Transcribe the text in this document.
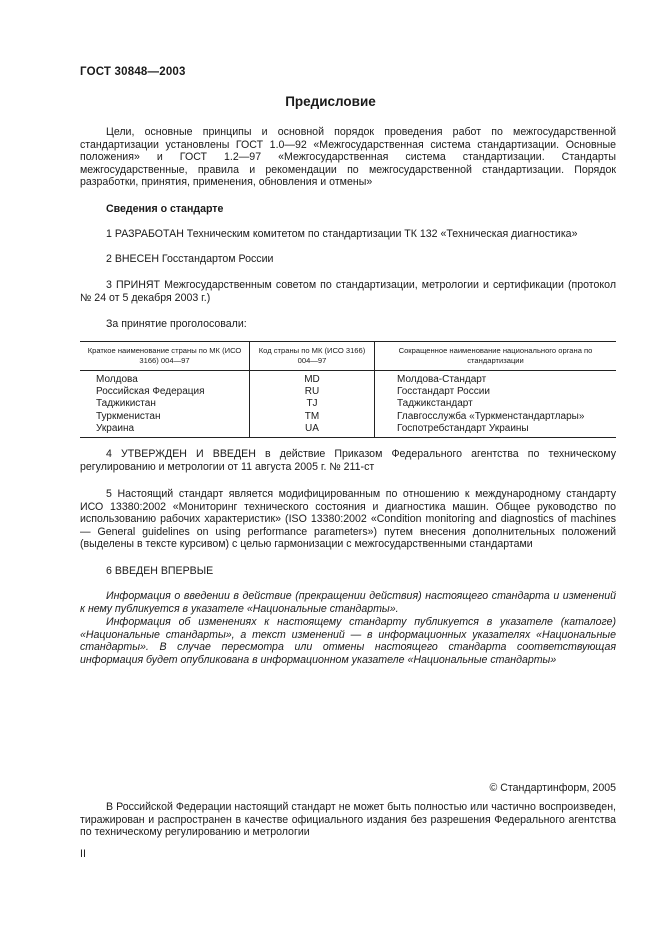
ГОСТ 30848—2003
Предисловие
Цели, основные принципы и основной порядок проведения работ по межгосударственной стандартизации установлены ГОСТ 1.0—92 «Межгосударственная система стандартизации. Основные положения» и ГОСТ 1.2—97 «Межгосударственная система стандартизации. Стандарты межгосударственные, правила и рекомендации по межгосударственной стандартизации. Порядок разработки, принятия, применения, обновления и отмены»
Сведения о стандарте
1 РАЗРАБОТАН Техническим комитетом по стандартизации ТК 132 «Техническая диагностика»
2 ВНЕСЕН Госстандартом России
3 ПРИНЯТ Межгосударственным советом по стандартизации, метрологии и сертификации (протокол № 24 от 5 декабря 2003 г.)
За принятие проголосовали:
Краткое наименование страны по МК (ИСО 3166) 004—97	Код страны по МК (ИСО 3166) 004—97	Сокращенное наименование национального органа по стандартизации
Молдова	MD	Молдова-Стандарт
Российская Федерация	RU	Госстандарт России
Таджикистан	TJ	Таджикстандарт
Туркменистан	TM	Главгосслужба «Туркменстандартлары»
Украина	UA	Госпотребстандарт Украины
4 УТВЕРЖДЕН И ВВЕДЕН в действие Приказом Федерального агентства по техническому регулированию и метрологии от 11 августа 2005 г. № 211-ст
5 Настоящий стандарт является модифицированным по отношению к международному стандарту ИСО 13380:2002 «Мониторинг технического состояния и диагностика машин. Общее руководство по использованию рабочих характеристик» (ISO 13380:2002 «Condition monitoring and diagnostics of machines — General guidelines on using performance parameters») путем внесения дополнительных положений (выделены в тексте курсивом) с целью гармонизации с межгосударственными стандартами
6 ВВЕДЕН ВПЕРВЫЕ
Информация о введении в действие (прекращении действия) настоящего стандарта и изменений к нему публикуется в указателе «Национальные стандарты».
Информация об изменениях к настоящему стандарту публикуется в указателе (каталоге) «Национальные стандарты», а текст изменений — в информационных указателях «Национальные стандарты». В случае пересмотра или отмены настоящего стандарта соответствующая информация будет опубликована в информационном указателе «Национальные стандарты»
© Стандартинформ, 2005
В Российской Федерации настоящий стандарт не может быть полностью или частично воспроизведен, тиражирован и распространен в качестве официального издания без разрешения Федерального агентства по техническому регулированию и метрологии
II
